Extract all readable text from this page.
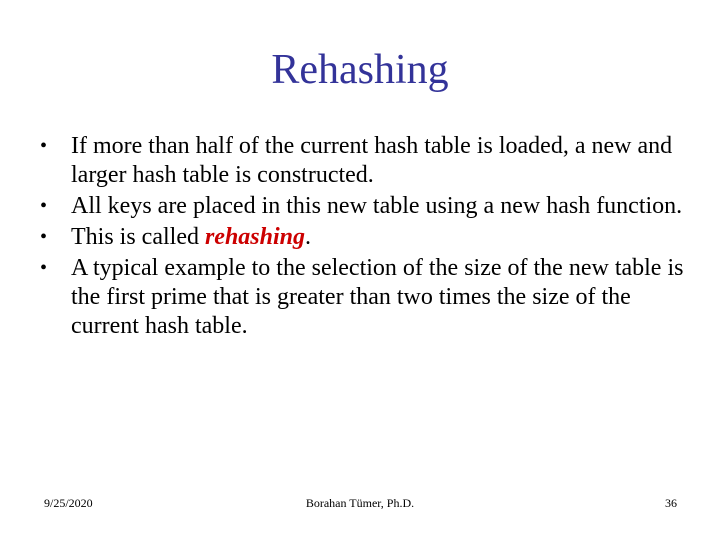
Rehashing
• If more than half of the current hash table is loaded, a new and larger hash table is constructed.
• All keys are placed in this new table using a new hash function.
• This is called rehashing.
• A typical example to the selection of the size of the new table is the first prime that is greater than two times the size of the current hash table.
9/25/2020	Borahan Tümer, Ph.D.	36
